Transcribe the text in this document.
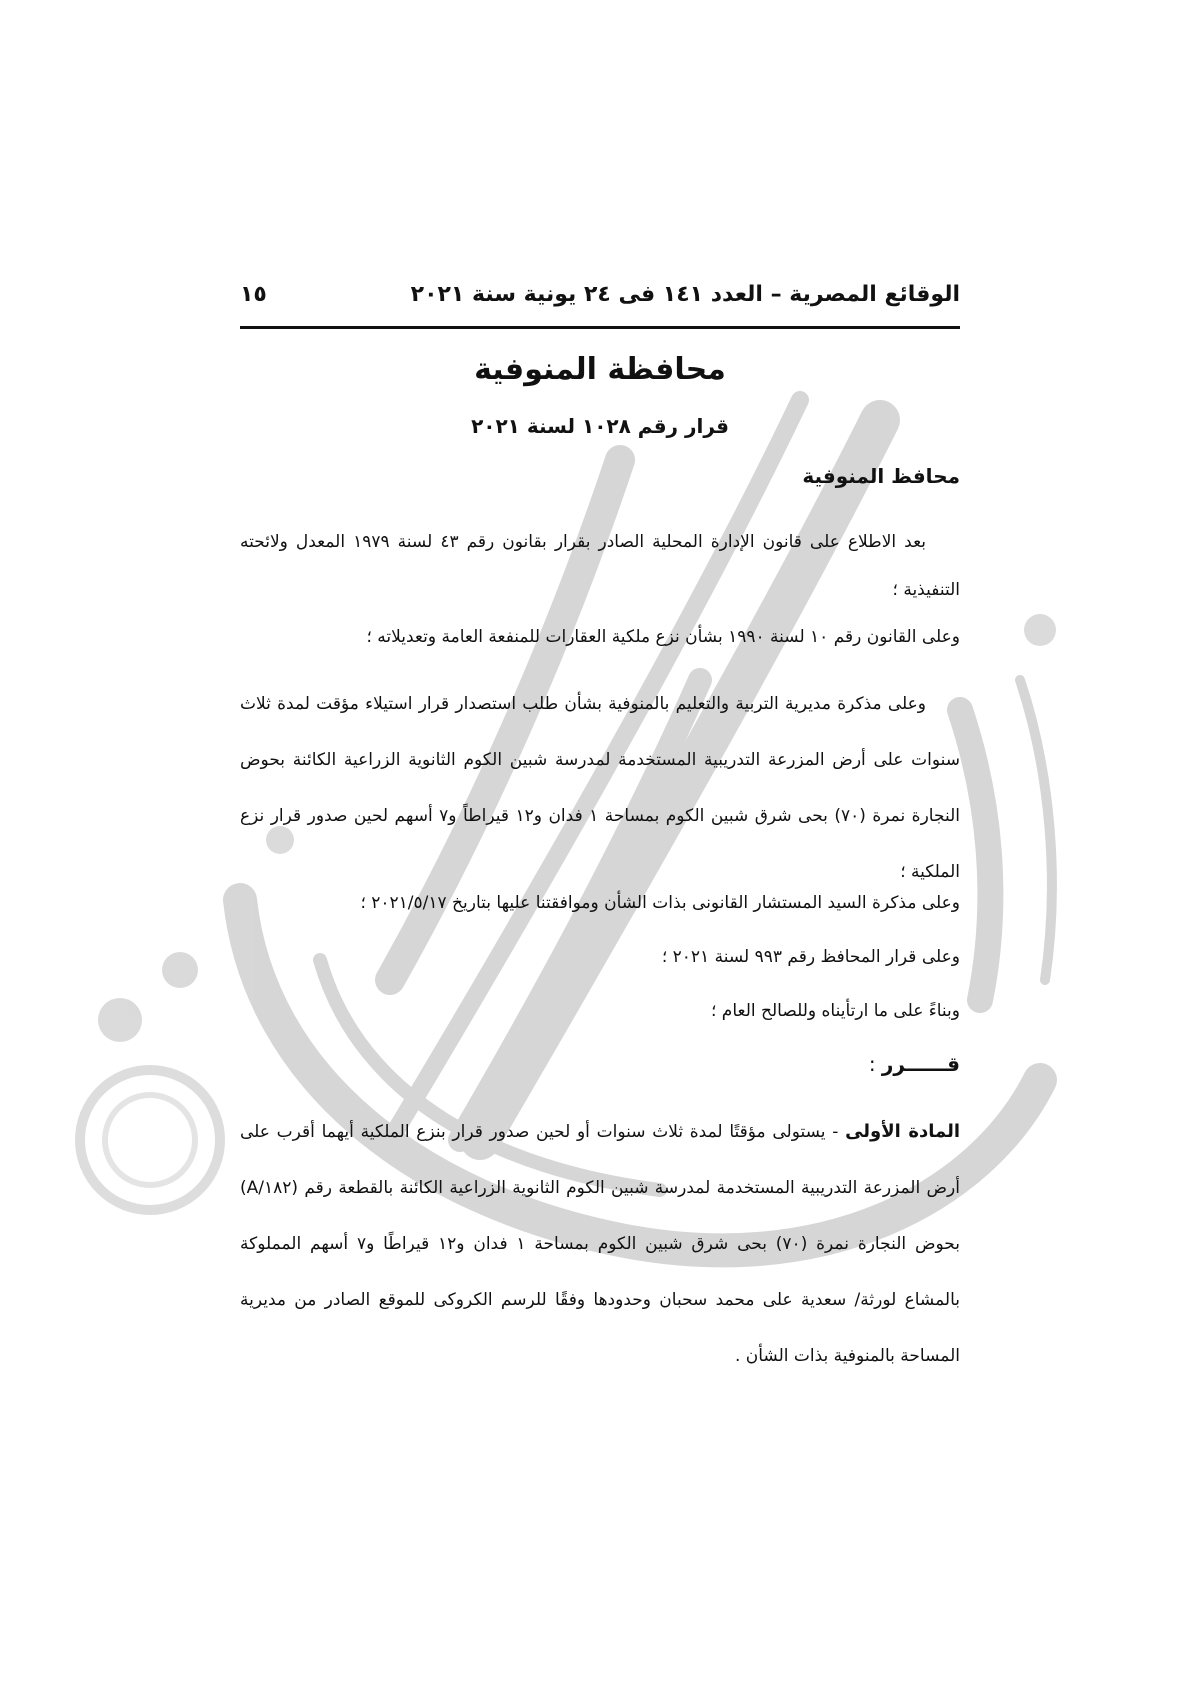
الوقائع المصرية – العدد ١٤١ فى ٢٤ يونية سنة ٢٠٢١
١٥
محافظة المنوفية
قرار رقم ١٠٢٨ لسنة ٢٠٢١
محافظ المنوفية
بعد الاطلاع على قانون الإدارة المحلية الصادر بقرار بقانون رقم ٤٣ لسنة ١٩٧٩ المعدل ولائحته التنفيذية ؛
وعلى القانون رقم ١٠ لسنة ١٩٩٠ بشأن نزع ملكية العقارات للمنفعة العامة وتعديلاته ؛
وعلى مذكرة مديرية التربية والتعليم بالمنوفية بشأن طلب استصدار قرار استيلاء مؤقت لمدة ثلاث سنوات على أرض المزرعة التدريبية المستخدمة لمدرسة شبين الكوم الثانوية الزراعية الكائنة بحوض النجارة نمرة (٧٠) بحى شرق شبين الكوم بمساحة ١ فدان و١٢ قيراطاً و٧ أسهم لحين صدور قرار نزع الملكية ؛
وعلى مذكرة السيد المستشار القانونى بذات الشأن وموافقتنا عليها بتاريخ ٢٠٢١/٥/١٧ ؛
وعلى قرار المحافظ رقم ٩٩٣ لسنة ٢٠٢١ ؛
وبناءً على ما ارتأيناه وللصالح العام ؛
قــــــرر :
المادة الأولى - يستولى مؤقتًا لمدة ثلاث سنوات أو لحين صدور قرار بنزع الملكية أيهما أقرب على أرض المزرعة التدريبية المستخدمة لمدرسة شبين الكوم الثانوية الزراعية الكائنة بالقطعة رقم (١٨٢/A) بحوض النجارة نمرة (٧٠) بحى شرق شبين الكوم بمساحة ١ فدان و١٢ قيراطًا و٧ أسهم المملوكة بالمشاع لورثة/ سعدية على محمد سحبان وحدودها وفقًا للرسم الكروكى للموقع الصادر من مديرية المساحة بالمنوفية بذات الشأن .
